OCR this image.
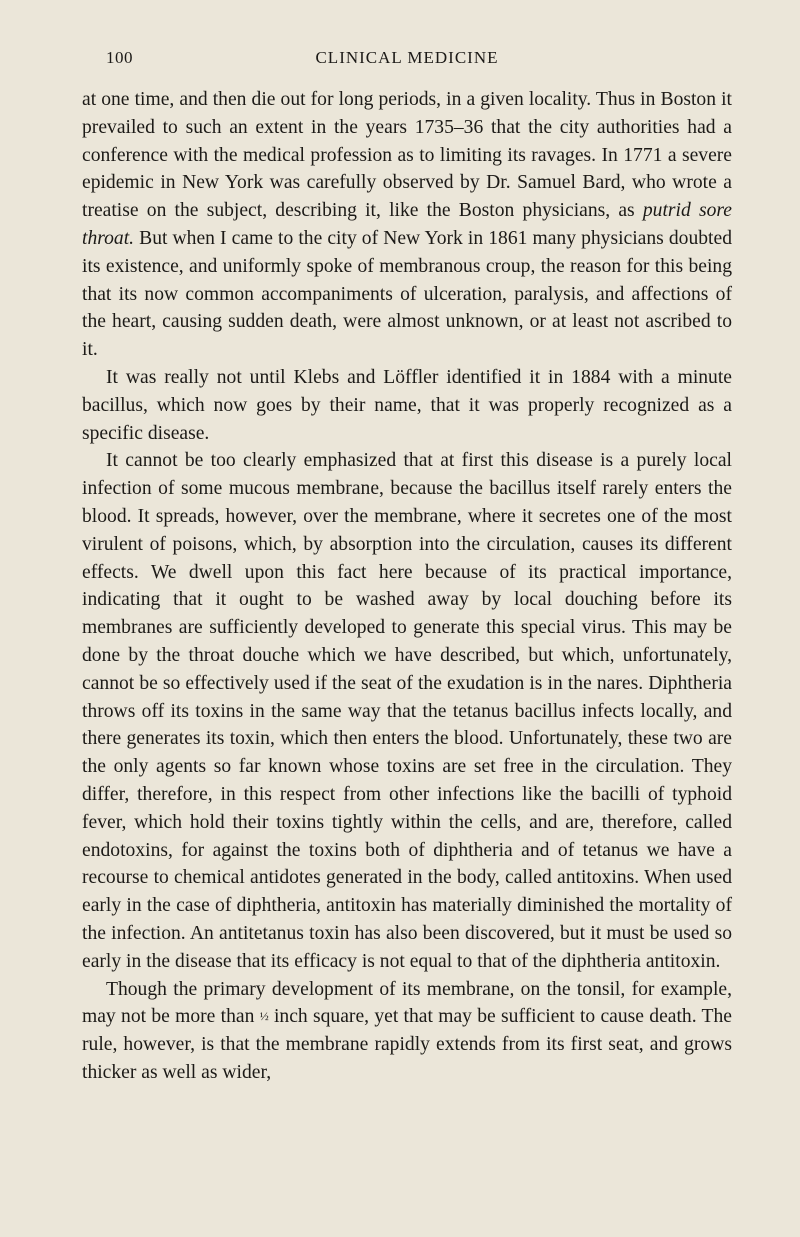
100	CLINICAL MEDICINE

at one time, and then die out for long periods, in a given locality. Thus in Boston it prevailed to such an extent in the years 1735–36 that the city authorities had a conference with the medical profession as to limiting its ravages. In 1771 a severe epidemic in New York was carefully observed by Dr. Samuel Bard, who wrote a treatise on the subject, describing it, like the Boston physicians, as putrid sore throat. But when I came to the city of New York in 1861 many physicians doubted its existence, and uniformly spoke of membranous croup, the reason for this being that its now common accompaniments of ulceration, paralysis, and affections of the heart, causing sudden death, were almost unknown, or at least not ascribed to it.

It was really not until Klebs and Löffler identified it in 1884 with a minute bacillus, which now goes by their name, that it was properly recognized as a specific disease.

It cannot be too clearly emphasized that at first this disease is a purely local infection of some mucous membrane, because the bacillus itself rarely enters the blood. It spreads, however, over the membrane, where it secretes one of the most virulent of poisons, which, by absorption into the circulation, causes its different effects. We dwell upon this fact here because of its practical importance, indicating that it ought to be washed away by local douching before its membranes are sufficiently developed to generate this special virus. This may be done by the throat douche which we have described, but which, unfortunately, cannot be so effectively used if the seat of the exudation is in the nares. Diphtheria throws off its toxins in the same way that the tetanus bacillus infects locally, and there generates its toxin, which then enters the blood. Unfortunately, these two are the only agents so far known whose toxins are set free in the circulation. They differ, therefore, in this respect from other infections like the bacilli of typhoid fever, which hold their toxins tightly within the cells, and are, therefore, called endotoxins, for against the toxins both of diphtheria and of tetanus we have a recourse to chemical antidotes generated in the body, called antitoxins. When used early in the case of diphtheria, antitoxin has materially diminished the mortality of the infection. An antitetanus toxin has also been discovered, but it must be used so early in the disease that its efficacy is not equal to that of the diphtheria antitoxin.

Though the primary development of its membrane, on the tonsil, for example, may not be more than ½ inch square, yet that may be sufficient to cause death. The rule, however, is that the membrane rapidly extends from its first seat, and grows thicker as well as wider,
